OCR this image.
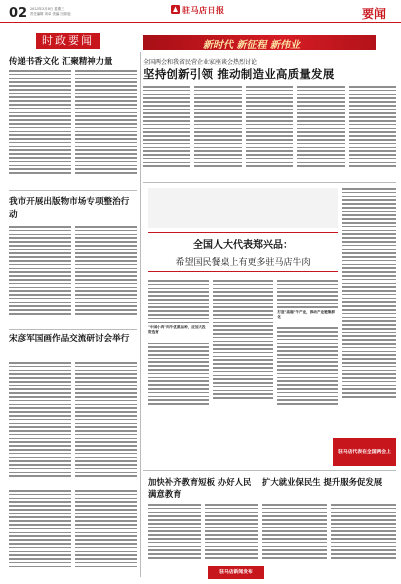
02 2023年3月8日 星期三
责任编辑 刘卓 美编 田如旭	驻马店日报	要闻
时政要闻	新时代 新征程 新伟业
全国两会和我省民营企业家座谈会热烈讨论
坚持创新引领 推动制造业高质量发展
传递书香文化 汇聚精神力量
我市开展出版物市场专项整治行动
宋彦军国画作品交流研讨会举行
全国人大代表郑兴品：
希望国民餐桌上有更多驻马店牛肉
"中国小肉"肉牛优质品种，应加大投资选育
打造"高端"牛产业，推动产业链集群化
驻马店代表在全国两会上
加快补齐教育短板 办好人民满意教育
扩大就业保民生 提升服务促发展
驻马店新闻发布
